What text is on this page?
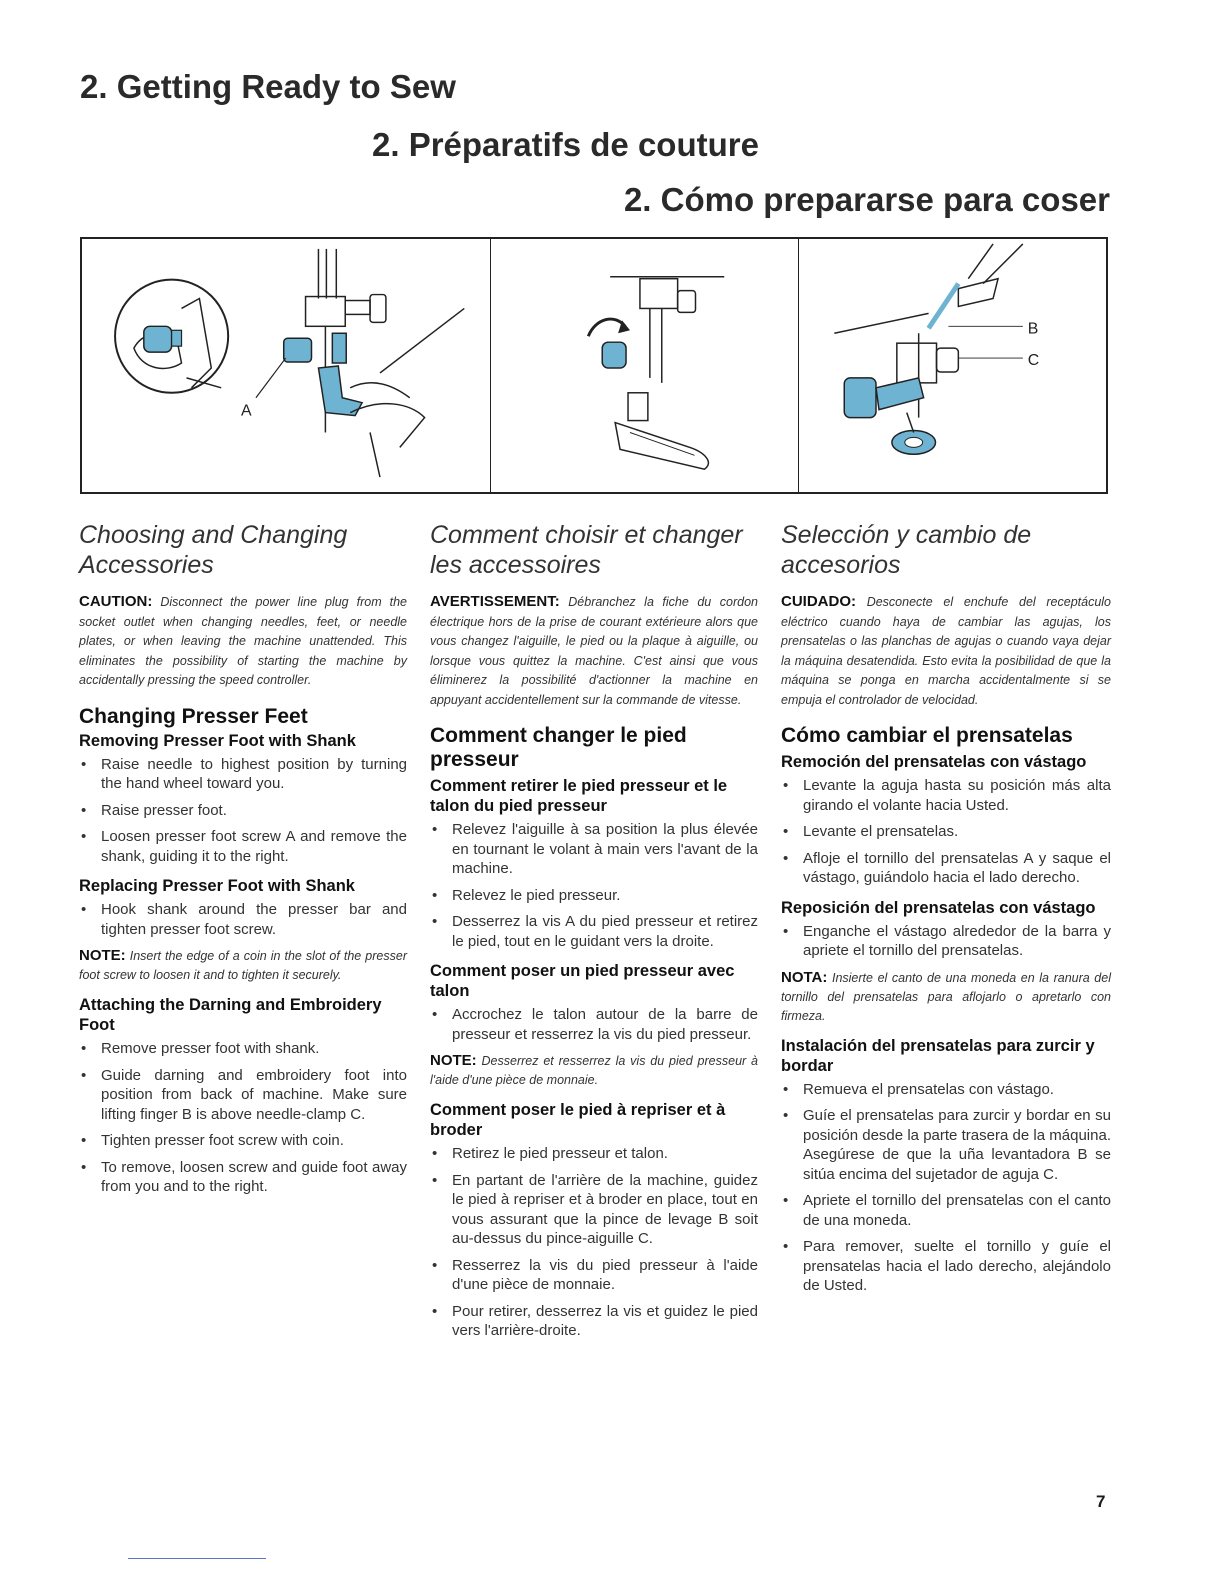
2. Getting Ready to Sew
2. Préparatifs de couture
2. Cómo prepararse para coser
A
B
C
Choosing and Changing Accessories

CAUTION: Disconnect the power line plug from the socket outlet when changing needles, feet, or needle plates, or when leaving the machine unattended. This eliminates the possibility of starting the machine by accidentally pressing the speed controller.

Changing Presser Feet
Removing Presser Foot with Shank
• Raise needle to highest position by turning the hand wheel toward you.
• Raise presser foot.
• Loosen presser foot screw A and remove the shank, guiding it to the right.
Replacing Presser Foot with Shank
• Hook shank around the presser bar and tighten presser foot screw.

NOTE: Insert the edge of a coin in the slot of the presser foot screw to loosen it and to tighten it securely.

Attaching the Darning and Embroidery Foot
• Remove presser foot with shank.
• Guide darning and embroidery foot into position from back of machine. Make sure lifting finger B is above needle-clamp C.
• Tighten presser foot screw with coin.
• To remove, loosen screw and guide foot away from you and to the right.
Comment choisir et changer les accessoires

AVERTISSEMENT: Débranchez la fiche du cordon électrique hors de la prise de courant extérieure alors que vous changez l'aiguille, le pied ou la plaque à aiguille, ou lorsque vous quittez la machine. C'est ainsi que vous éliminerez la possibilité d'actionner la machine en appuyant accidentellement sur la commande de vitesse.

Comment changer le pied presseur
Comment retirer le pied presseur et le talon du pied presseur
• Relevez l'aiguille à sa position la plus élevée en tournant le volant à main vers l'avant de la machine.
• Relevez le pied presseur.
• Desserrez la vis A du pied presseur et retirez le pied, tout en le guidant vers la droite.
Comment poser un pied presseur avec talon
• Accrochez le talon autour de la barre de presseur et resserrez la vis du pied presseur.

NOTE: Desserrez et resserrez la vis du pied presseur à l'aide d'une pièce de monnaie.

Comment poser le pied à repriser et à broder
• Retirez le pied presseur et talon.
• En partant de l'arrière de la machine, guidez le pied à repriser et à broder en place, tout en vous assurant que la pince de levage B soit au-dessus du pince-aiguille C.
• Resserrez la vis du pied presseur à l'aide d'une pièce de monnaie.
• Pour retirer, desserrez la vis et guidez le pied vers l'arrière-droite.
Selección y cambio de accesorios

CUIDADO: Desconecte el enchufe del receptáculo eléctrico cuando haya de cambiar las agujas, los prensatelas o las planchas de agujas o cuando vaya dejar la máquina desatendida. Esto evita la posibilidad de que la máquina se ponga en marcha accidentalmente si se empuja el controlador de velocidad.

Cómo cambiar el prensatelas
Remoción del prensatelas con vástago
• Levante la aguja hasta su posición más alta girando el volante hacia Usted.
• Levante el prensatelas.
• Afloje el tornillo del prensatelas A y saque el vástago, guiándolo hacia el lado derecho.
Reposición del prensatelas con vástago
• Enganche el vástago alrededor de la barra y apriete el tornillo del prensatelas.

NOTA: Insierte el canto de una moneda en la ranura del tornillo del prensatelas para aflojarlo o apretarlo con firmeza.

Instalación del prensatelas para zurcir y bordar
• Remueva el prensatelas con vástago.
• Guíe el prensatelas para zurcir y bordar en su posición desde la parte trasera de la máquina. Asegúrese de que la uña levantadora B se sitúa encima del sujetador de aguja C.
• Apriete el tornillo del prensatelas con el canto de una moneda.
• Para remover, suelte el tornillo y guíe el prensatelas hacia el lado derecho, alejándolo de Usted.
7
